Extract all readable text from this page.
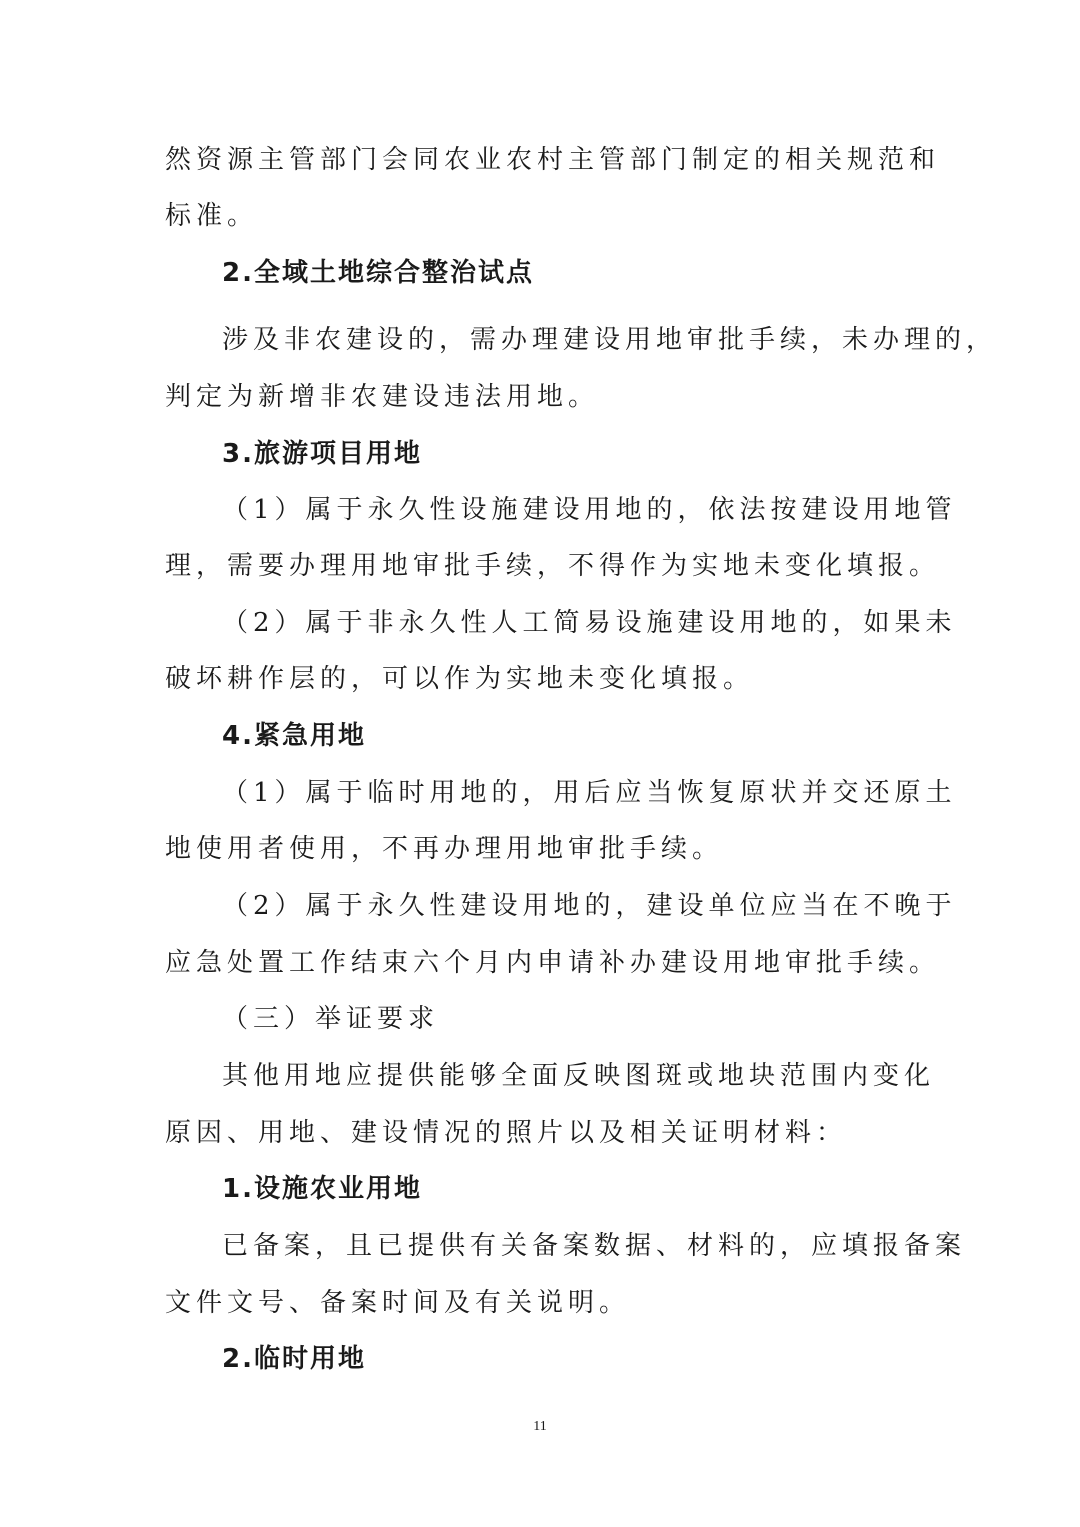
然资源主管部门会同农业农村主管部门制定的相关规范和
标准。
2.全域土地综合整治试点
涉及非农建设的，需办理建设用地审批手续，未办理的，
判定为新增非农建设违法用地。
3.旅游项目用地
（1）属于永久性设施建设用地的，依法按建设用地管
理，需要办理用地审批手续，不得作为实地未变化填报。
（2）属于非永久性人工简易设施建设用地的，如果未
破坏耕作层的，可以作为实地未变化填报。
4.紧急用地
（1）属于临时用地的，用后应当恢复原状并交还原土
地使用者使用，不再办理用地审批手续。
（2）属于永久性建设用地的，建设单位应当在不晚于
应急处置工作结束六个月内申请补办建设用地审批手续。
（三）举证要求
其他用地应提供能够全面反映图斑或地块范围内变化
原因、用地、建设情况的照片以及相关证明材料：
1.设施农业用地
已备案，且已提供有关备案数据、材料的，应填报备案
文件文号、备案时间及有关说明。
2.临时用地
11
